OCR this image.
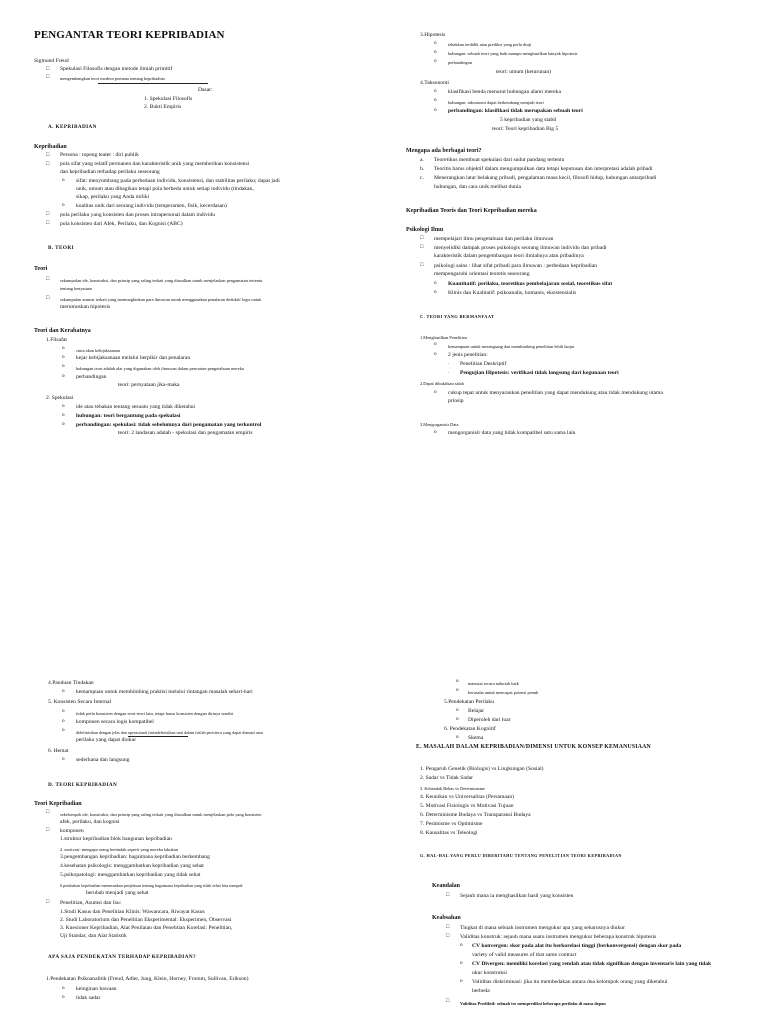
PENGANTAR TEORI KEPRIBADIAN
Sigmund Freud
□ Spekulasi Filosofis dengan metode ilmiah primitif
□ mengembangkan teori modern pertama tentang kepribadian
Dasar:
1. Spekulasi Filosofis
2. Bukti Empiris
A. KEPRIBADIAN
Kepribadian
□ Persona : topeng teater : diri publik
□ pola sifat yang relatif permanen dan karakteristik unik yang memberikan konsistensi
dan kepribadian terhadap perilaku seseorang
o sifat: menyumbang pada perbedaan individu, konsistensi, dan stabilitas perilaku; dapat jadi
unik, umum atau dibagikan tetapi pola berbeda untuk setiap individu (tindakan,
sikap, perilaku yang Anda miliki
o kualitas unik dari seorang individu (temperamen, fisik, kecerdasan)
□ pola perilaku yang konsisten dan proses intrapersonal dalam individu
□ pola konsisten dari Afek, Perilaku, dan Kognisi (ABC)
B. TEORI
Teori
□ sekumpulan ide, konstruksi, dan prinsip yang saling terkait yang diusulkan untuk menjelaskan pengamatan tertentu
tentang kenyataan
□ sekumpulan asumsi terkait yang memungkinkan para ilmuwan untuk menggunakan penalaran deduktif logis untuk
merumuskan hipotesis
Teori dan Kerabatnya
1.Filsafat
o	cinta akan kebijaksanaan
o kejar kebijaksanaan melalui berpikir dan penalaran
o	hubungan teori adalah alat yang digunakan oleh ilmuwan dalam pencarian pengetahuan mereka
o perbandingan
teori: pernyataan jika-maka
2. Spekulasi
o ide atau tebakan tentang sesuatu yang tidak diketahui
o hubungan: teori bergantung pada spekulasi
o perbandingan: spekulasi: tidak sebelumnya dari pengamatan yang terkontrol
teori: 2 landasan adalah - spekulasi dan pengamatan empiris
3.Hipotesis
o	tebakkan terdidik atau prediksi yang perlu diuji
o	hubungan: sebuah teori yang baik mampu menghasilkan banyak hipotesis
o	perbandingan
teori: umum (keturunan)
4.Taksonomi
o klasifikasi benda menurut hubungan alami mereka
o	hubungan: taksonomi dapat berkembang menjadi teori
o perbandingan: klasifikasi tidak merupakan sebuah teori
5 kepribadian yang stabil
teori: Teori kepribadian Big 5
Mengapa ada berbagai teori?
a. Teoretikus membuat spekulasi dari sudut pandang tertentu
b. Teoritis harus objektif dalam mengumpulkan data tetapi keputusan dan interpretasi adalah pribadi
c. Menerangkan latar belakang pribadi, pengalaman masa kecil, filosofi hidup, hubungan antarpribadi
hubungan, dan cara unik melihat dunia
Kepribadian Teoris dan Teori Kepribadian mereka
Psikologi Ilmu
□ mempelajari ilmu pengetahuan dan perilaku ilmuwan
□ menyelidiki dampak proses psikologis seorang ilmuwan individu dan pribadi
karakteristik dalam pengembangan teori ilmiahnya atau pribadinya
□ psikologi sains : lihat sifat pribadi para ilmuwan : perbedaan kepribadian
mempengaruhi orientasi teoretis seseorang
o Kuantitatif: perilaku, teoretikus pembelajaran sosial, teoretikus sifat
o Klinis dan Kualitatif: psikoanalis, humanis, eksistensialis
C. TEORI YANG BERMANFAAT
1.Menghasilkan Penelitian
o	kemampuan untuk merangsang dan membimbing penelitian lebih lanjut
o 2 jenis penelitian:
. Penelitian Deskriptif
. Pengujian Hipotesis: verifikasi tidak langsung dari kegunaan teori
2.Dapat dibuktikan salah
o cukup tepat untuk menyarankan penelitian yang dapat mendukung atau tidak mendukung utama
prinsip
3.Mengorganisir Data
o mengorganisir data yang tidak kompatibel satu sama lain
4.Panduan Tindakan
o kemampuan untuk membimbing praktisi melalui rintangan masalah sehari-hari
5. Konsisten Secara Internal
o	tidak perlu konsisten dengan teori-teori lain, tetapi harus konsisten dengan dirinya sendiri
o komponen secara logis kompatibel
o	didefinisikan dengan jelas dan operasional (mendefinisikan unit dalam istilah peristiwa yang dapat diamati atau
perilaku yang dapat diukur
6. Hemat
o sederhana dan langsung
D. TEORI KEPRIBADIAN
Teori Kepribadian
□ sekelompok ide, konstruksi, dan prinsip yang saling terkait yang diusulkan untuk menjelaskan pola yang konsisten
afek, perilaku, dan kognisi
□ komponen
1.struktur kepribadian:blok bangunan kepribadian
2. motivasi: mengapa orang bertindak seperti yang mereka lakukan
3.pengembangan kepribadian: bagaimana kepribadian berkembang
4.kesehatan psikologis: menggambarkan kepribadian yang sehat
5.psikopatologi: menggambarkan kepribadian yang tidak sehat
6.perubahan kepribadian memerankan penjelasan tentang bagaimana kepribadian yang tidak sehat bisa menjadi
berubah menjadi yang sehat
□ Penelitian, Asumsi dan Isu:
1.Studi Kasus dan Penelitian Klinis: Wawancara, Riwayat Kasus
2. Studi Laboratorium dan Penelitian Eksperimental: Eksperimen, Observasi
3. Kuesioner Kepribadian, Alat Penilaian dan Penelitian Korelasi: Penelitian,
Uji Standar, dan Alat Statistik
APA SAJA PENDEKATAN TERHADAP KEPRIBADIAN?
1.Pendekatan Psikoanalitik (Freud, Adler, Jung, Klein, Horney, Fromm, Sullivan, Erikson)
o keinginan bawaan
o tidak sadar
o manusia secara naluriah baik
o berusaha untuk mencapai potensi penuh
5.Pendekatan Perilaku
o Belajar
o Diperoleh dari luar
6. Pendekatan Kognitif
o Skema
E. MASALAH DALAM KEPRIBADIAN/DIMENSI UNTUK KONSEP KEMANUSIAAN
1. Pengaruh Genetik (Biologis) vs Lingkungan (Sosial)
2. Sadar vs Tidak Sadar
3. Kehendak Bebas vs Determinisme
4. Keunikan vs Universalitas (Persamaan)
5. Motivasi Fisiologis vs Motivasi Tujuan
6. Determinisme Budaya vs Transparansi Budaya
7. Pesimisme vs Optimisme
8. Kausalitas vs Teleologi
G. HAL-HAL YANG PERLU DIBERITAHU TENTANG PENELITIAN TEORI KEPRIBADIAN
Keandalan
□ Sejauh mana ia menghasilkan hasil yang konsisten
Keabsahan
□ Tingkat di mana sebuah instrumen mengukur apa yang seharusnya diukur
□ Validitas konstruk: sejauh mana suatu instrumen mengukur beberapa konstruk hipotesis
o CV konvergen: skor pada alat itu berkorelasi tinggi (berkonvergensi) dengan skor pada
variety of valid measures of that same contract
o CV Divergen: memiliki korelasi yang rendah atau tidak signifikan dengan inventaris lain yang tidak
ukur konstruksi
o Validitas diskriminasi: jika itu membedakan antara dua kelompok orang yang diketahui
berbeda
□ Validitas Prediktif: sebuah tes memprediksi beberapa perilaku di masa depan
